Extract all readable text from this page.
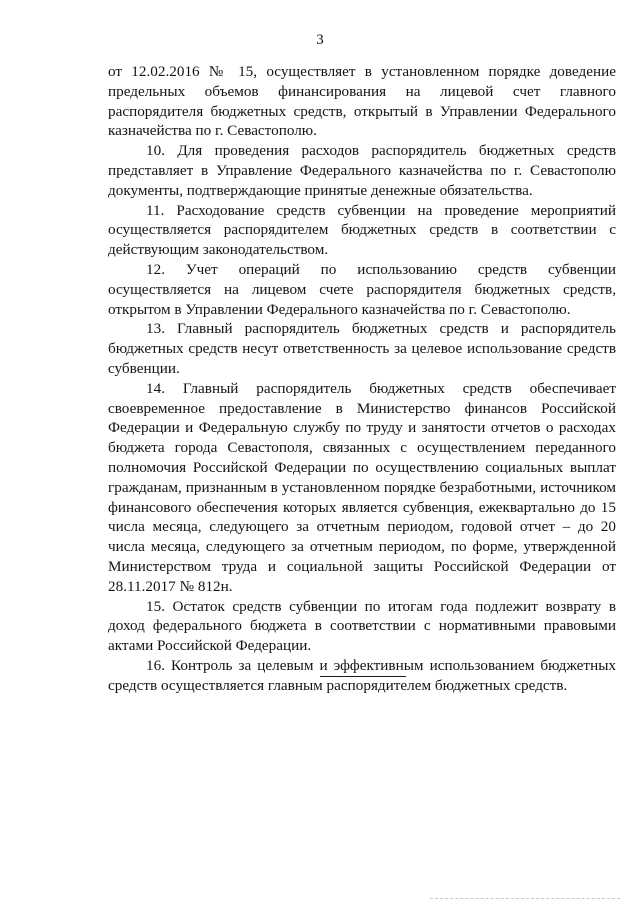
3

от 12.02.2016 № 15, осуществляет в установленном порядке доведение предельных объемов финансирования на лицевой счет главного распорядителя бюджетных средств, открытый в Управлении Федерального казначейства по г. Севастополю.

10. Для проведения расходов распорядитель бюджетных средств представляет в Управление Федерального казначейства по г. Севастополю документы, подтверждающие принятые денежные обязательства.

11. Расходование средств субвенции на проведение мероприятий осуществляется распорядителем бюджетных средств в соответствии с действующим законодательством.

12. Учет операций по использованию средств субвенции осуществляется на лицевом счете распорядителя бюджетных средств, открытом в Управлении Федерального казначейства по г. Севастополю.

13. Главный распорядитель бюджетных средств и распорядитель бюджетных средств несут ответственность за целевое использование средств субвенции.

14. Главный распорядитель бюджетных средств обеспечивает своевременное предоставление в Министерство финансов Российской Федерации и Федеральную службу по труду и занятости отчетов о расходах бюджета города Севастополя, связанных с осуществлением переданного полномочия Российской Федерации по осуществлению социальных выплат гражданам, признанным в установленном порядке безработными, источником финансового обеспечения которых является субвенция, ежеквартально до 15 числа месяца, следующего за отчетным периодом, годовой отчет – до 20 числа месяца, следующего за отчетным периодом, по форме, утвержденной Министерством труда и социальной защиты Российской Федерации от 28.11.2017 № 812н.

15. Остаток средств субвенции по итогам года подлежит возврату в доход федерального бюджета в соответствии с нормативными правовыми актами Российской Федерации.

16. Контроль за целевым и эффективным использованием бюджетных средств осуществляется главным распорядителем бюджетных средств.
